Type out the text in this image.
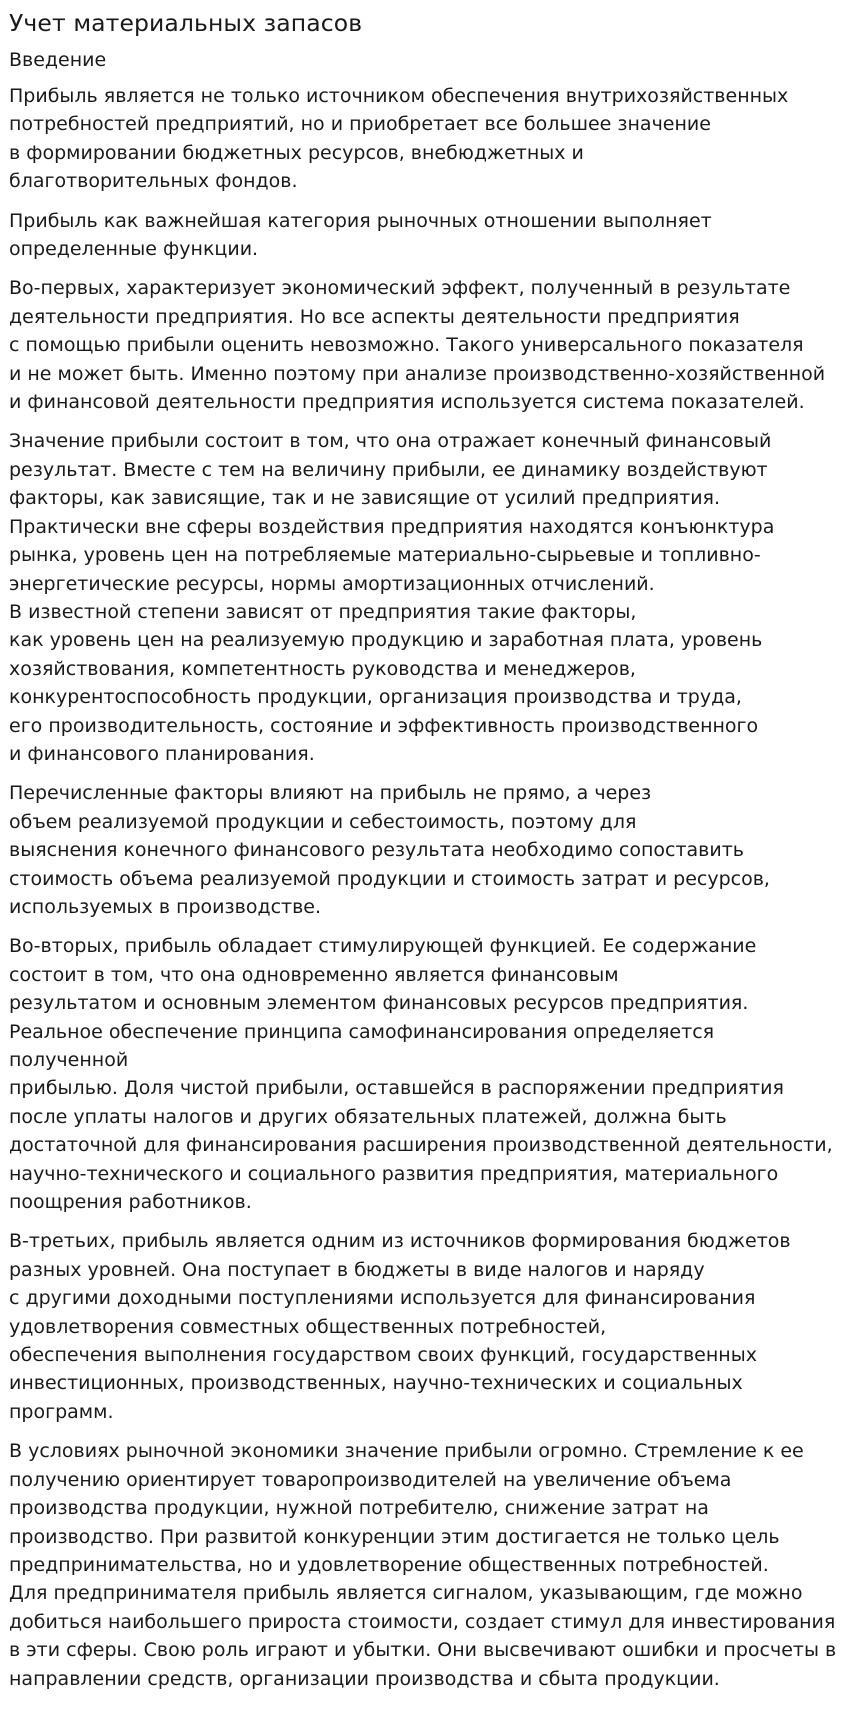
Учет материальных запасов
Введение

Прибыль является не только источником обеспечения внутрихозяйственных
потребностей предприятий, но и приобретает все большее значение
в формировании бюджетных ресурсов, внебюджетных и
благотворительных фондов.

Прибыль как важнейшая категория рыночных отношении выполняет
определенные функции.

Во-первых, характеризует экономический эффект, полученный в результате
деятельности предприятия. Но все аспекты деятельности предприятия
с помощью прибыли оценить невозможно. Такого универсального показателя
и не может быть. Именно поэтому при анализе производственно-хозяйственной
и финансовой деятельности предприятия используется система показателей.

Значение прибыли состоит в том, что она отражает конечный финансовый
результат. Вместе с тем на величину прибыли, ее динамику воздействуют
факторы, как зависящие, так и не зависящие от усилий предприятия.
Практически вне сферы воздействия предприятия находятся конъюнктура
рынка, уровень цен на потребляемые материально-сырьевые и топливно-
энергетические ресурсы, нормы амортизационных отчислений.
В известной степени зависят от предприятия такие факторы,
как уровень цен на реализуемую продукцию и заработная плата, уровень
хозяйствования, компетентность руководства и менеджеров,
конкурентоспособность продукции, организация производства и труда,
его производительность, состояние и эффективность производственного
и финансового планирования.

Перечисленные факторы влияют на прибыль не прямо, а через
объем реализуемой продукции и себестоимость, поэтому для
выяснения конечного финансового результата необходимо сопоставить
стоимость объема реализуемой продукции и стоимость затрат и ресурсов,
используемых в производстве.

Во-вторых, прибыль обладает стимулирующей функцией. Ее содержание
состоит в том, что она одновременно является финансовым
результатом и основным элементом финансовых ресурсов предприятия.
Реальное обеспечение принципа самофинансирования определяется полученной
прибылью. Доля чистой прибыли, оставшейся в распоряжении предприятия
после уплаты налогов и других обязательных платежей, должна быть
достаточной для финансирования расширения производственной деятельности,
научно-технического и социального развития предприятия, материального
поощрения работников.

В-третьих, прибыль является одним из источников формирования бюджетов
разных уровней. Она поступает в бюджеты в виде налогов и наряду
с другими доходными поступлениями используется для финансирования
удовлетворения совместных общественных потребностей,
обеспечения выполнения государством своих функций, государственных
инвестиционных, производственных, научно-технических и социальных
программ.

В условиях рыночной экономики значение прибыли огромно. Стремление к ее
получению ориентирует товаропроизводителей на увеличение объема
производства продукции, нужной потребителю, снижение затрат на
производство. При развитой конкуренции этим достигается не только цель
предпринимательства, но и удовлетворение общественных потребностей.
Для предпринимателя прибыль является сигналом, указывающим, где можно
добиться наибольшего прироста стоимости, создает стимул для инвестирования
в эти сферы. Свою роль играют и убытки. Они высвечивают ошибки и просчеты в
направлении средств, организации производства и сбыта продукции.
